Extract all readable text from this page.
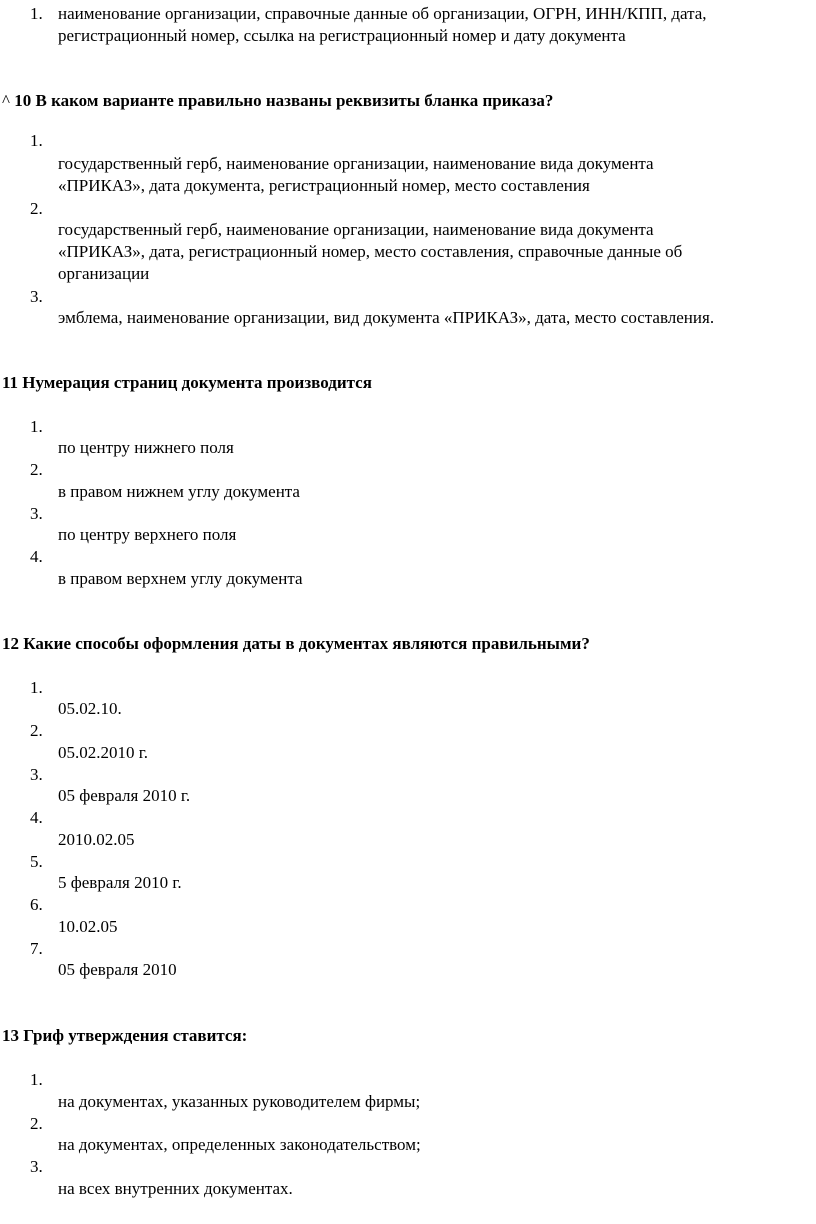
1. наименование организации, справочные данные об организации, ОГРН, ИНН/КПП, дата,
регистрационный номер, ссылка на регистрационный номер и дату документа
^ 10 В каком варианте правильно названы реквизиты бланка приказа?
1.
государственный герб, наименование организации, наименование вида документа
«ПРИКАЗ», дата документа, регистрационный номер, место составления
2.
государственный герб, наименование организации, наименование вида документа
«ПРИКАЗ», дата, регистрационный номер, место составления, справочные данные об
организации
3.
эмблема, наименование организации, вид документа «ПРИКАЗ», дата, место составления.
11 Нумерация страниц документа производится
1.
по центру нижнего поля
2.
в правом нижнем углу документа
3.
по центру верхнего поля
4.
в правом верхнем углу документа
12 Какие способы оформления даты в документах являются правильными?
1.
05.02.10.
2.
05.02.2010 г.
3.
05 февраля 2010 г.
4.
2010.02.05
5.
5 февраля 2010 г.
6.
10.02.05
7.
05 февраля 2010
13 Гриф утверждения ставится:
1.
на документах, указанных руководителем фирмы;
2.
на документах, определенных законодательством;
3.
на всех внутренних документах.
